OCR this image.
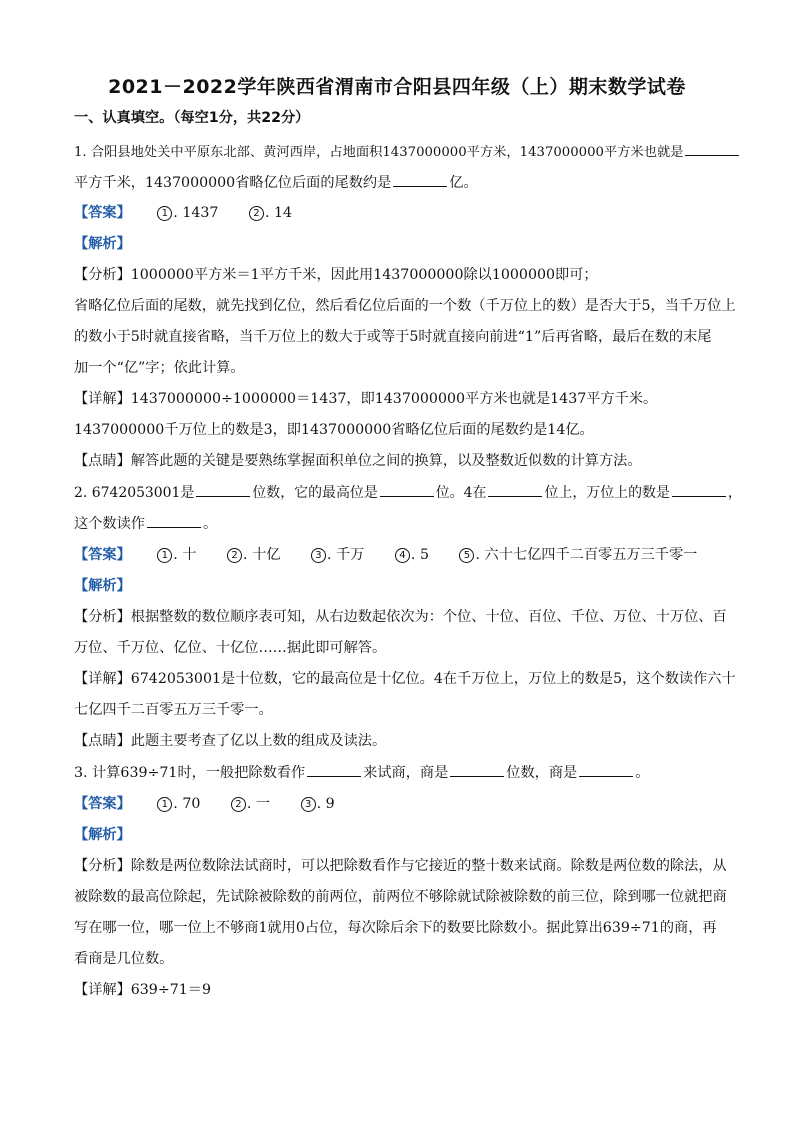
2021－2022学年陕西省渭南市合阳县四年级（上）期末数学试卷
一、认真填空。（每空1分，共22分）
1. 合阳县地处关中平原东北部、黄河西岸，占地面积1437000000平方米，1437000000平方米也就是
平方千米，1437000000省略亿位后面的尾数约是	亿。
【答案】	1 . 1437	2 . 14
【解析】
【分析】1000000平方米＝1平方千米，因此用1437000000除以1000000即可；
省略亿位后面的尾数，就先找到亿位，然后看亿位后面的一个数（千万位上的数）是否大于5，当千万位上
的数小于5时就直接省略，当千万位上的数大于或等于5时就直接向前进“1”后再省略，最后在数的末尾
加一个“亿”字；依此计算。
【详解】1437000000÷1000000＝1437，即1437000000平方米也就是1437平方千米。
1437000000千万位上的数是3，即1437000000省略亿位后面的尾数约是14亿。
【点睛】解答此题的关键是要熟练掌握面积单位之间的换算，以及整数近似数的计算方法。
2. 6742053001是	位数，它的最高位是	位。4在	位上，万位上的数是	，
这个数读作	。
【答案】	1 . 十	2 . 十亿	3 . 千万	4 . 5	5 . 六十七亿四千二百零五万三千零一
【解析】
【分析】根据整数的数位顺序表可知，从右边数起依次为：个位、十位、百位、千位、万位、十万位、百
万位、千万位、亿位、十亿位……据此即可解答。
【详解】6742053001是十位数，它的最高位是十亿位。4在千万位上，万位上的数是5，这个数读作六十
七亿四千二百零五万三千零一。
【点睛】此题主要考查了亿以上数的组成及读法。
3. 计算639÷71时，一般把除数看作	来试商，商是	位数，商是	。
【答案】	1 . 70	2 . 一	3 . 9
【解析】
【分析】除数是两位数除法试商时，可以把除数看作与它接近的整十数来试商。除数是两位数的除法，从
被除数的最高位除起，先试除被除数的前两位，前两位不够除就试除被除数的前三位，除到哪一位就把商
写在哪一位，哪一位上不够商1就用0占位，每次除后余下的数要比除数小。据此算出639÷71的商，再
看商是几位数。
【详解】639÷71＝9
